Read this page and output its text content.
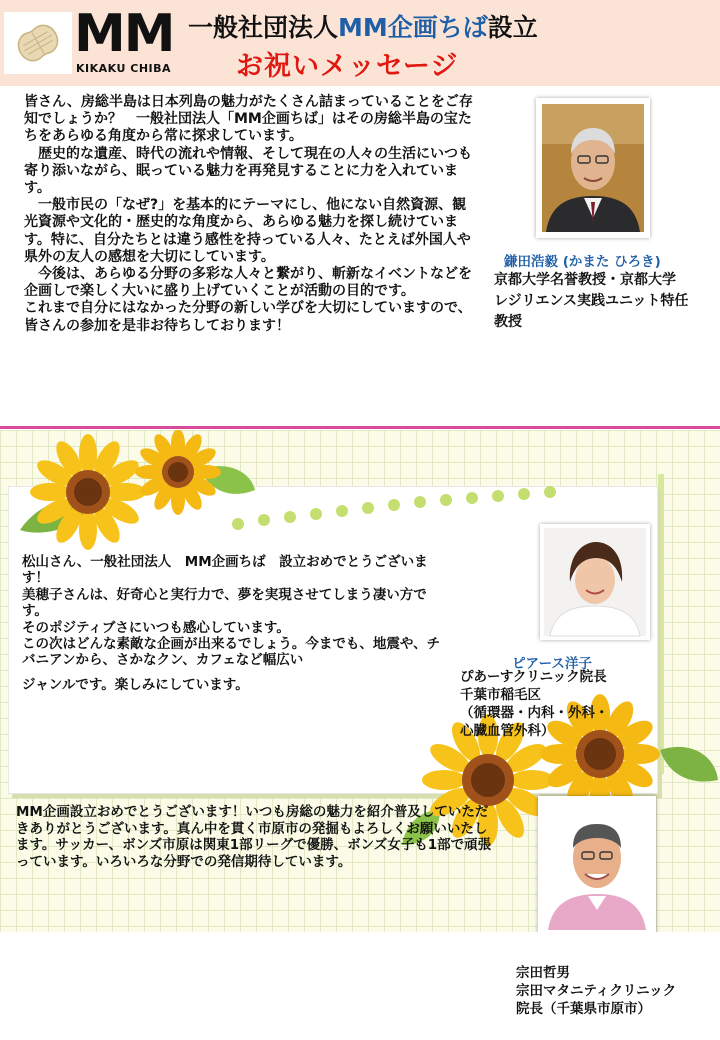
MM
KIKAKU CHIBA
一般社団法人MM企画ちば設立
お祝いメッセージ

皆さん、房総半島は日本列島の魅力がたくさん詰まっていることをご存知でしょうか？　一般社団法人「MM企画ちば」はその房総半島の宝たちをあらゆる角度から常に探求しています。

　歴史的な遺産、時代の流れや情報、そして現在の人々の生活にいつも寄り添いながら、眠っている魅力を再発見することに力を入れています。

　一般市民の「なぜ?」を基本的にテーマにし、他にない自然資源、観光資源や文化的・歴史的な角度から、あらゆる魅力を探し続けています。特に、自分たちとは違う感性を持っている人々、たとえば外国人や県外の友人の感想を大切にしています。

　今後は、あらゆる分野の多彩な人々と繋がり、斬新なイベントなどを企画しで楽しく大いに盛り上げていくことが活動の目的です。

これまで自分にはなかった分野の新しい学びを大切にしていますので、 皆さんの参加を是非お待ちしております！

鎌田浩毅 (かまた ひろき)
京都大学名誉教授・京都大学
レジリエンス実践ユニット特任
教授

松山さん、一般社団法人　MM企画ちば　設立おめでとうございます！

美穂子さんは、好奇心と実行力で、夢を実現させてしまう凄い方です。

そのポジティブさにいつも感心しています。

この次はどんな素敵な企画が出来るでしょう。今までも、地震や、チバニアンから、さかなクン、カフェなど幅広い

ジャンルです。楽しみにしています。

ピアース洋子
ぴあーすクリニック院長
千葉市稲毛区
（循環器・内科・外科・
心臓血管外科）
MM企画設立おめでとうございます！いつも房総の魅力を紹介普及していただきありがとうございます。真ん中を貫く市原市の発掘もよろしくお願いいたします。サッカー、ボンズ市原は関東1部リーグで優勝、ボンズ女子も1部で頑張っています。いろいろな分野での発信期待しています。
宗田哲男
宗田マタニティクリニック
院長（千葉県市原市）
